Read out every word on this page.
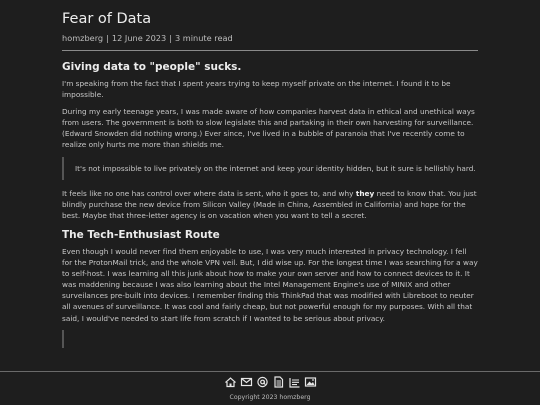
Fear of Data
homzberg | 12 June 2023 | 3 minute read
Giving data to "people" sucks.

I'm speaking from the fact that I spent years trying to keep myself private on the internet. I found it to be impossible.

During my early teenage years, I was made aware of how companies harvest data in ethical and unethical ways from users. The government is both to slow legislate this and partaking in their own harvesting for surveillance. (Edward Snowden did nothing wrong.) Ever since, I've lived in a bubble of paranoia that I've recently come to realize only hurts me more than shields me.

It's not impossible to live privately on the internet and keep your identity hidden, but it sure is hellishly hard.

It feels like no one has control over where data is sent, who it goes to, and why they need to know that. You just blindly purchase the new device from Silicon Valley (Made in China, Assembled in California) and hope for the best. Maybe that three-letter agency is on vacation when you want to tell a secret.

The Tech-Enthusiast Route

Even though I would never find them enjoyable to use, I was very much interested in privacy technology. I fell for the ProtonMail trick, and the whole VPN veil. But, I did wise up. For the longest time I was searching for a way to self-host. I was learning all this junk about how to make your own server and how to connect devices to it. It was maddening because I was also learning about the Intel Management Engine's use of MINIX and other surveilances pre-built into devices. I remember finding this ThinkPad that was modified with Libreboot to neuter all avenues of surveillance. It was cool and fairly cheap, but not powerful enough for my purposes. With all that said, I would've needed to start life from scratch if I wanted to be serious about privacy.

Copyright 2023 homzberg
